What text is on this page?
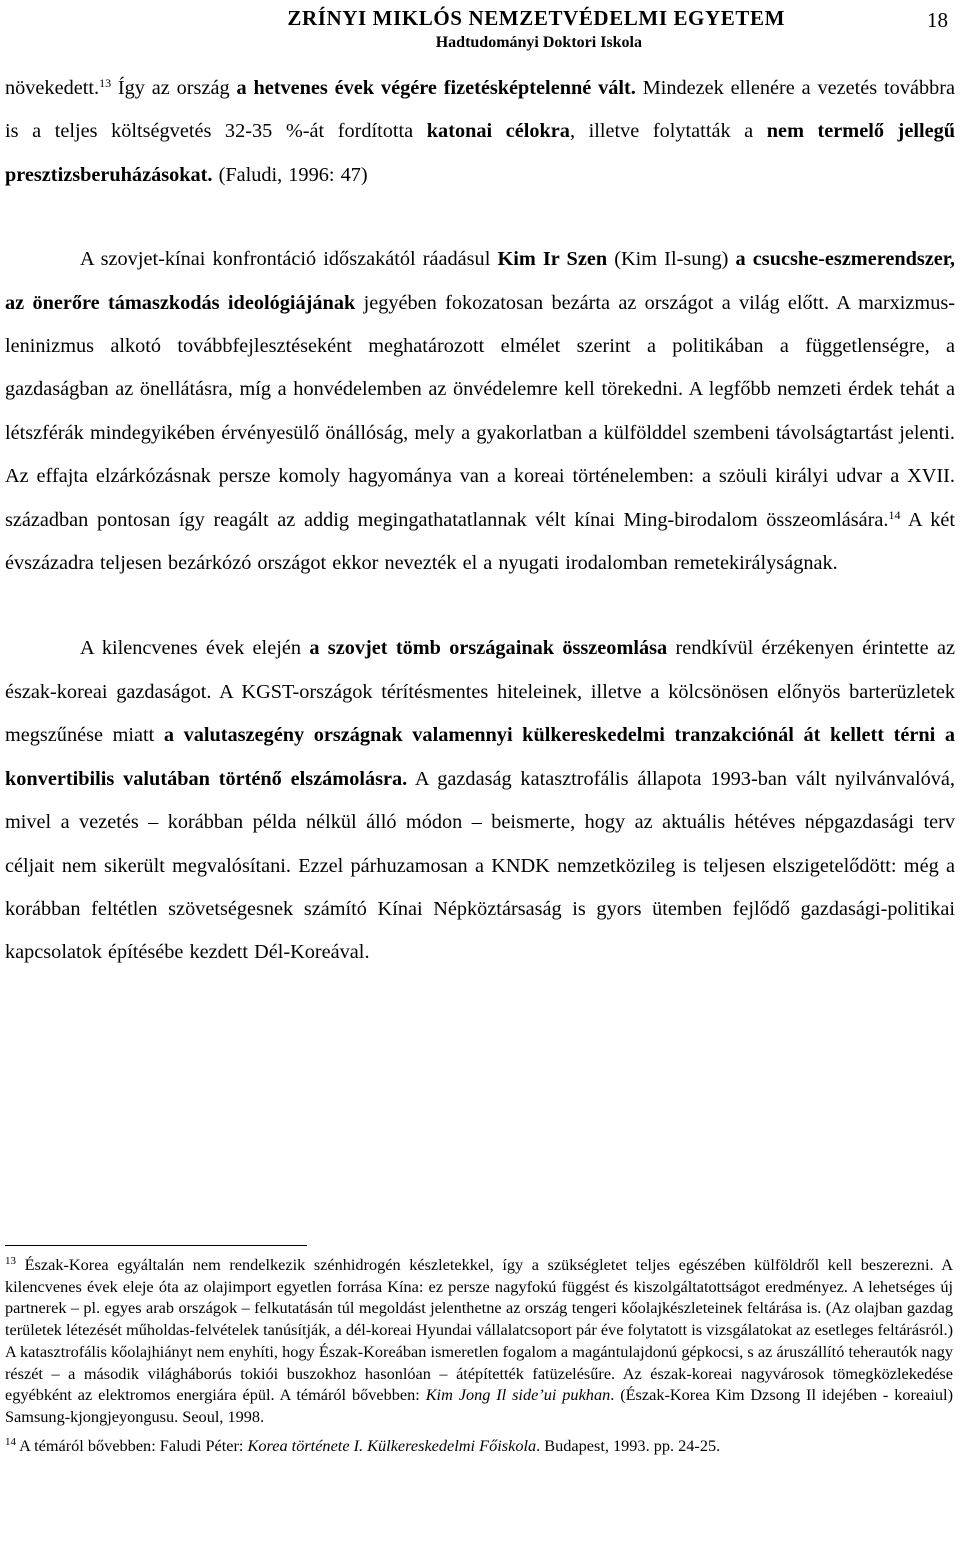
ZRÍNYI MIKLÓS NEMZETVÉDELMI EGYETEM
Hadtudományi Doktori Iskola
18

növekedett.$^{13}$ Így az ország a hetvenes évek végére fizetésképtelenné vált. Mindezek ellenére a vezetés továbbra is a teljes költségvetés 32-35 %-át fordította katonai célokra, illetve folytatták a nem termelő jellegű presztizsberuházásokat. (Faludi, 1996: 47)

A szovjet-kínai konfrontáció időszakától ráadásul Kim Ir Szen (Kim Il-sung) a csucshe-eszmerendszer, az önerőre támaszkodás ideológiájának jegyében fokozatosan bezárta az országot a világ előtt. A marxizmus-leninizmus alkotó továbbfejlesztéseként meghatározott elmélet szerint a politikában a függetlenségre, a gazdaságban az önellátásra, míg a honvédelemben az önvédelemre kell törekedni. A legfőbb nemzeti érdek tehát a létszférák mindegyikében érvényesülő önállóság, mely a gyakorlatban a külfölddel szembeni távolságtartást jelenti. Az effajta elzárkózásnak persze komoly hagyománya van a koreai történelemben: a szöuli királyi udvar a XVII. században pontosan így reagált az addig megingathatatlannak vélt kínai Ming-birodalom összeomlására.$^{14}$ A két évszázadra teljesen bezárkózó országot ekkor nevezték el a nyugati irodalomban remetekirályságnak.

A kilencvenes évek elején a szovjet tömb országainak összeomlása rendkívül érzékenyen érintette az észak-koreai gazdaságot. A KGST-országok térítésmentes hiteleinek, illetve a kölcsönösen előnyös barterüzletek megszűnése miatt a valutaszegény országnak valamennyi külkereskedelmi tranzakciónál át kellett térni a konvertibilis valutában történő elszámolásra. A gazdaság katasztrofális állapota 1993-ban vált nyilvánvalóvá, mivel a vezetés – korábban példa nélkül álló módon – beismerte, hogy az aktuális hétéves népgazdasági terv céljait nem sikerült megvalósítani. Ezzel párhuzamosan a KNDK nemzetközileg is teljesen elszigetelődött: még a korábban feltétlen szövetségesnek számító Kínai Népköztársaság is gyors ütemben fejlődő gazdasági-politikai kapcsolatok építésébe kezdett Dél-Koreával.

$^{13}$ Észak-Korea egyáltalán nem rendelkezik szénhidrogén készletekkel, így a szükségletet teljes egészében külföldről kell beszerezni. A kilencvenes évek eleje óta az olajimport egyetlen forrása Kína: ez persze nagyfokú függést és kiszolgáltatottságot eredményez. A lehetséges új partnerek – pl. egyes arab országok – felkutatásán túl megoldást jelenthetne az ország tengeri kőolajkészleteinek feltárása is. (Az olajban gazdag területek létezését műholdas-felvételek tanúsítják, a dél-koreai Hyundai vállalatcsoport pár éve folytatott is vizsgálatokat az esetleges feltárásról.) A katasztrofális kőolajhiányt nem enyhíti, hogy Észak-Koreában ismeretlen fogalom a magántulajdonú gépkocsi, s az áruszállító teherautók nagy részét – a második világháborús tokiói buszokhoz hasonlóan – átépítették fatüzelésűre. Az észak-koreai nagyvárosok tömegközlekedése egyébként az elektromos energiára épül. A témáról bővebben: Kim Jong Il side’ui pukhan. (Észak-Korea Kim Dzsong Il idejében - koreaiul) Samsung-kjongjeyongusu. Seoul, 1998.

$^{14}$ A témáról bővebben: Faludi Péter: Korea története I. Külkereskedelmi Főiskola. Budapest, 1993. pp. 24-25.
